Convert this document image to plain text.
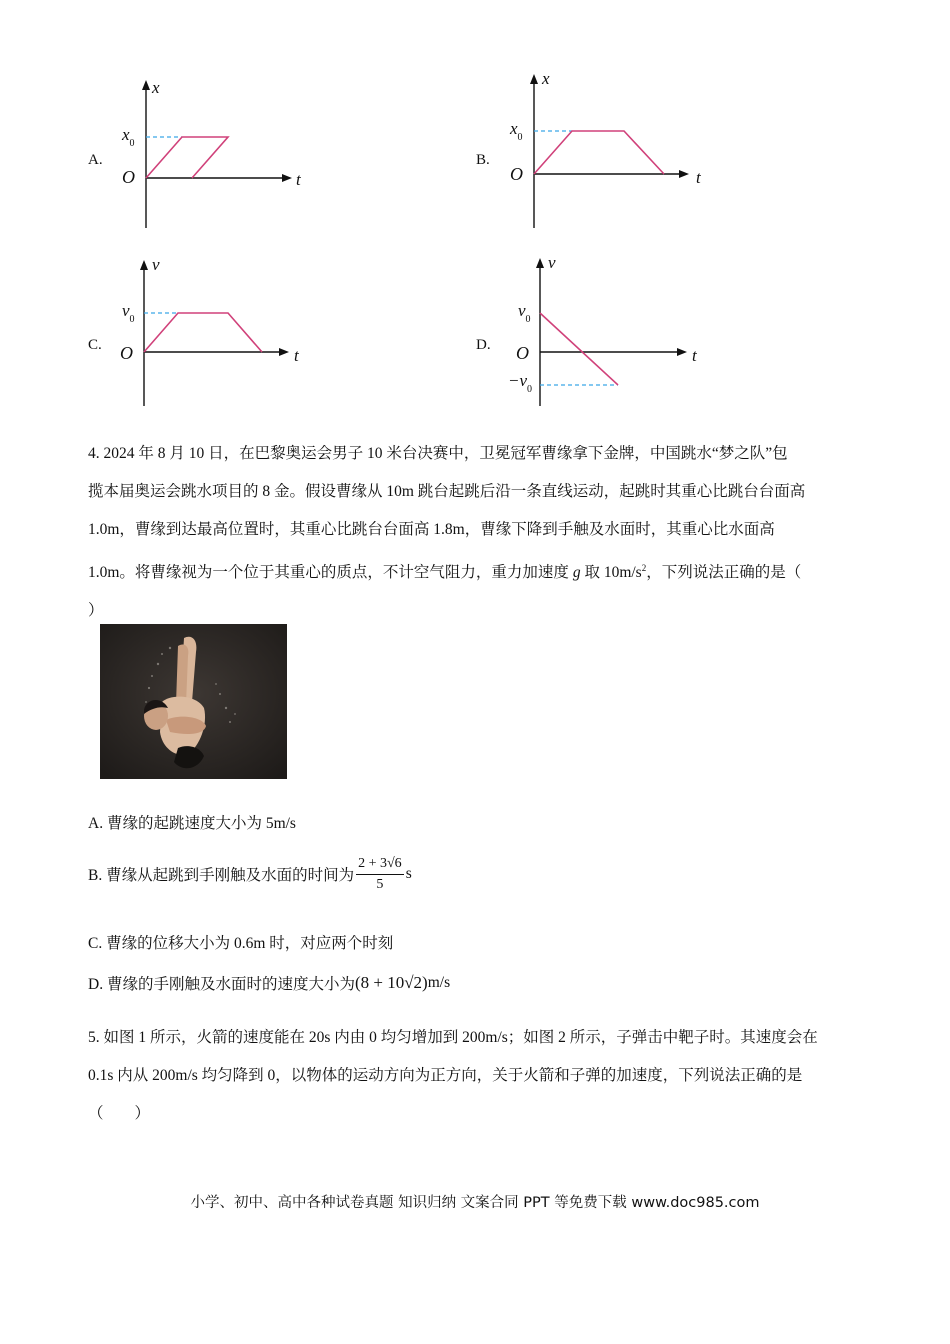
A.
x
O	t
$x_0$
B.
x
O	t
$x_0$
C.
v
O	t
$v_0$
D.
v
O	t
$v_0$
$-v_0$
4. 2024 年 8 月 10 日，在巴黎奥运会男子 10 米台决赛中，卫冕冠军曹缘拿下金牌，中国跳水“梦之队”包
揽本届奥运会跳水项目的 8 金。假设曹缘从 10m 跳台起跳后沿一条直线运动，起跳时其重心比跳台台面高
1.0m，曹缘到达最高位置时，其重心比跳台台面高 1.8m，曹缘下降到手触及水面时，其重心比水面高
1.0m。将曹缘视为一个位于其重心的质点，不计空气阻力，重力加速度 g 取 $10m/s^2$，下列说法正确的是（
）
A. 曹缘的起跳速度大小为 5m/s
B. 曹缘从起跳到手刚触及水面的时间为 $\frac{2 + 3√6}{5}$ s
C. 曹缘的位移大小为 0.6m 时，对应两个时刻
D. 曹缘的手刚触及水面时的速度大小为 (8 + 10√2) m/s
5. 如图 1 所示，火箭的速度能在 20s 内由 0 均匀增加到 200m/s；如图 2 所示，子弹击中靶子时。其速度会在
0.1s 内从 200m/s 均匀降到 0，以物体的运动方向为正方向，关于火箭和子弹的加速度，下列说法正确的是
（　　）
小学、初中、高中各种试卷真题 知识归纳 文案合同 PPT 等免费下载 www.doc985.com
